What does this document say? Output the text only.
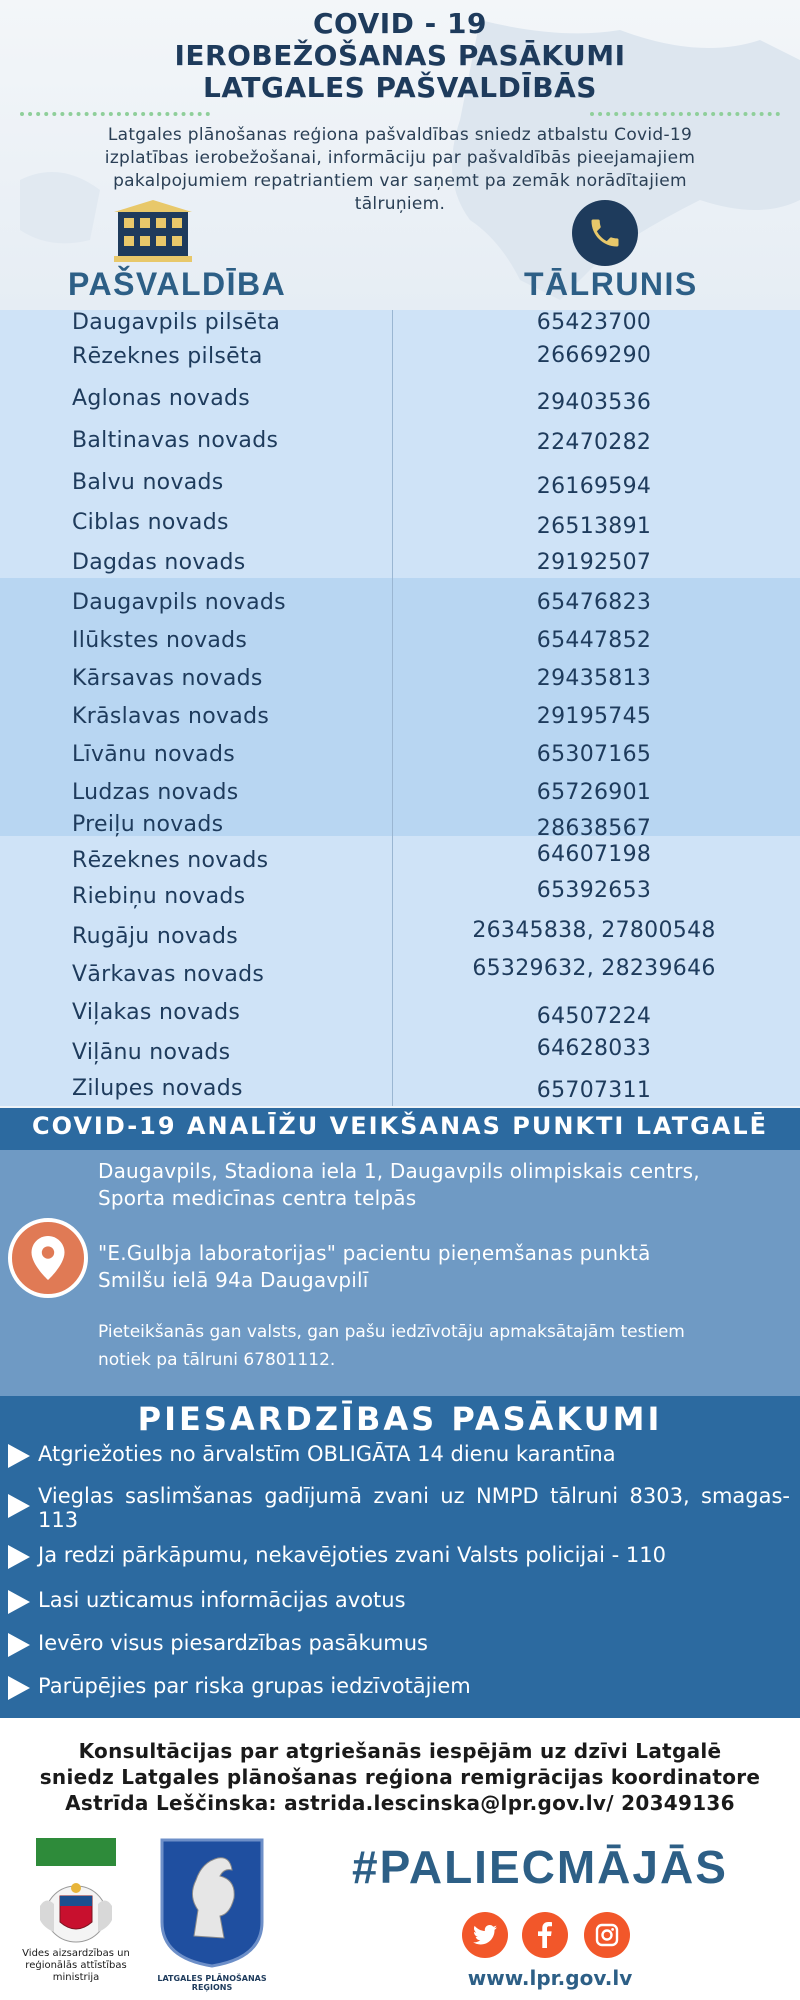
COVID - 19
IEROBEŽOŠANAS PASĀKUMI
LATGALES PAŠVALDĪBĀS
Latgales plānošanas reģiona pašvaldības sniedz atbalstu Covid-19
izplatības ierobežošanai, informāciju par pašvaldībās pieejamajiem
pakalpojumiem repatriantiem var saņemt pa zemāk norādītajiem
tālruņiem.
PAŠVALDĪBA	TĀLRUNIS
Daugavpils pilsēta	65423700
Rēzeknes pilsēta	26669290
Aglonas novads	29403536
Baltinavas novads	22470282
Balvu novads	26169594
Ciblas novads	26513891
Dagdas novads	29192507
Daugavpils novads	65476823
Ilūkstes novads	65447852
Kārsavas novads	29435813
Krāslavas novads	29195745
Līvānu novads	65307165
Ludzas novads	65726901
Preiļu novads	28638567
Rēzeknes novads	64607198
Riebiņu novads	65392653
Rugāju novads	26345838, 27800548
Vārkavas novads	65329632, 28239646
Viļakas novads	64507224
Viļānu novads	64628033
Zilupes novads	65707311
COVID-19 ANALĪŽU VEIKŠANAS PUNKTI LATGALĒ
Daugavpils, Stadiona iela 1, Daugavpils olimpiskais centrs,
Sporta medicīnas centra telpās
"E.Gulbja laboratorijas" pacientu pieņemšanas punktā
Smilšu ielā 94a Daugavpilī
Pieteikšanās gan valsts, gan pašu iedzīvotāju apmaksātajām testiem
notiek pa tālruni 67801112.
PIESARDZĪBAS PASĀKUMI
Atgriežoties no ārvalstīm OBLIGĀTA 14 dienu karantīna
Vieglas saslimšanas gadījumā zvani uz NMPD tālruni 8303, smagas-113
Ja redzi pārkāpumu, nekavējoties zvani Valsts policijai - 110
Lasi uzticamus informācijas avotus
Ievēro visus piesardzības pasākumus
Parūpējies par riska grupas iedzīvotājiem
Konsultācijas par atgriešanās iespējām uz dzīvi Latgalē
sniedz Latgales plānošanas reģiona remigrācijas koordinatore
Astrīda Leščinska: astrida.lescinska@lpr.gov.lv/ 20349136
Vides aizsardzības un
reģionālās attīstības
ministrija	LATGALES PLĀNOŠANAS
REĢIONS
#PALIECMĀJĀS
www.lpr.gov.lv
